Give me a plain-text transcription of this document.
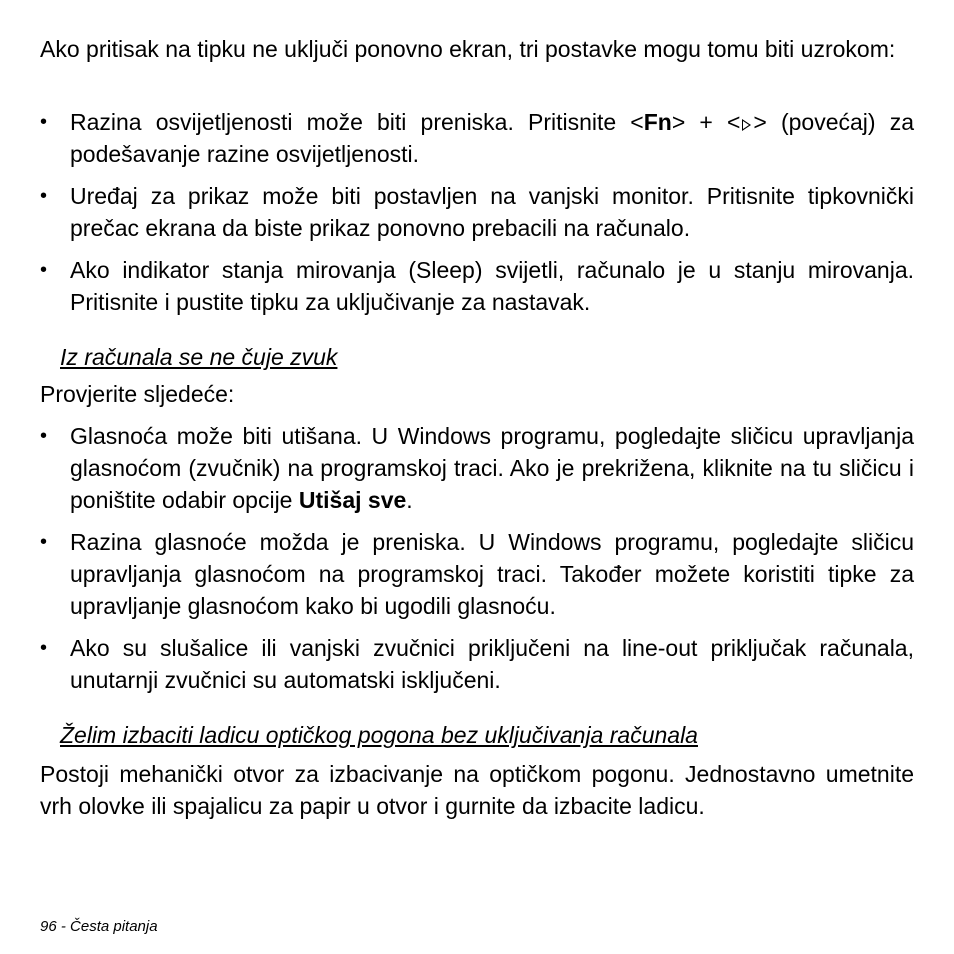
Ako pritisak na tipku ne uključi ponovno ekran, tri postavke mogu tomu biti uzrokom:

• Razina osvijetljenosti može biti preniska. Pritisnite <Fn> + < > (povećaj) za podešavanje razine osvijetljenosti.
• Uređaj za prikaz može biti postavljen na vanjski monitor. Pritisnite tipkovnički prečac ekrana da biste prikaz ponovno prebacili na računalo.
• Ako indikator stanja mirovanja (Sleep) svijetli, računalo je u stanju mirovanja. Pritisnite i pustite tipku za uključivanje za nastavak.
Iz računala se ne čuje zvuk

Provjerite sljedeće:

• Glasnoća može biti utišana. U Windows programu, pogledajte sličicu upravljanja glasnoćom (zvučnik) na programskoj traci. Ako je prekrižena, kliknite na tu sličicu i poništite odabir opcije Utišaj sve.
• Razina glasnoće možda je preniska. U Windows programu, pogledajte sličicu upravljanja glasnoćom na programskoj traci. Također možete koristiti tipke za upravljanje glasnoćom kako bi ugodili glasnoću.
• Ako su slušalice ili vanjski zvučnici priključeni na line-out priključak računala, unutarnji zvučnici su automatski isključeni.
Želim izbaciti ladicu optičkog pogona bez uključivanja računala

Postoji mehanički otvor za izbacivanje na optičkom pogonu. Jednostavno umetnite vrh olovke ili spajalicu za papir u otvor i gurnite da izbacite ladicu.

96 - Česta pitanja
